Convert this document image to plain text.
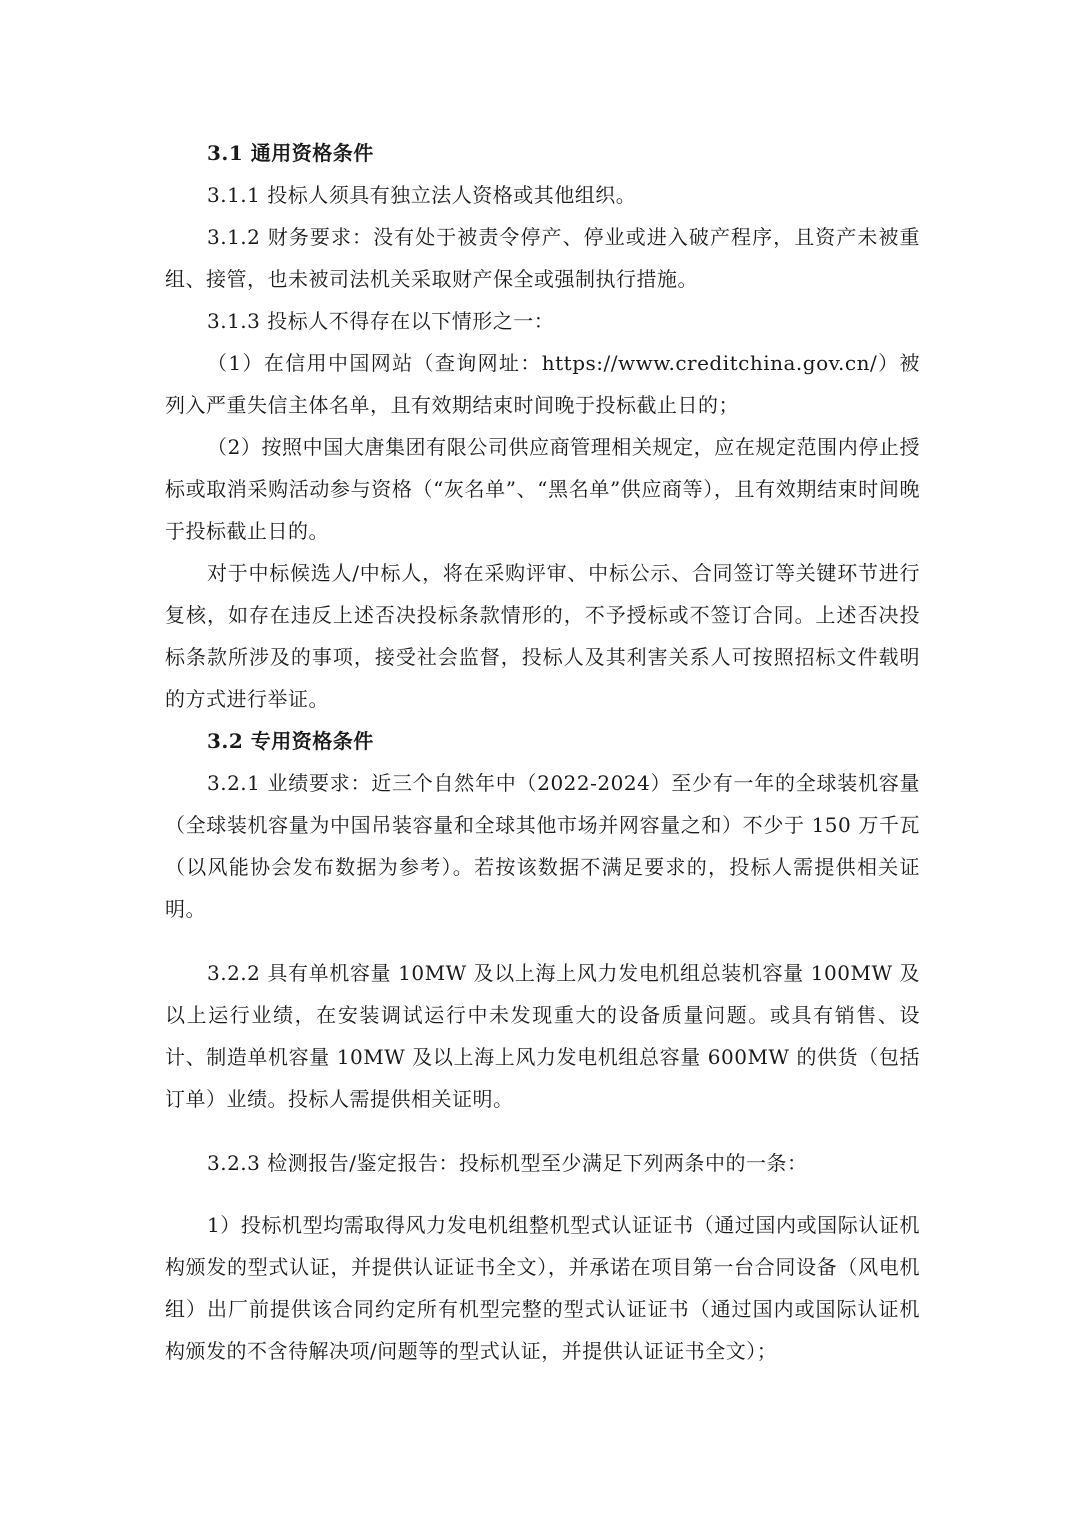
3.1 通用资格条件

3.1.1 投标人须具有独立法人资格或其他组织。

3.1.2 财务要求：没有处于被责令停产、停业或进入破产程序，且资产未被重组、接管，也未被司法机关采取财产保全或强制执行措施。

3.1.3 投标人不得存在以下情形之一：

（1）在信用中国网站（查询网址：https://www.creditchina.gov.cn/）被列入严重失信主体名单，且有效期结束时间晚于投标截止日的；

（2）按照中国大唐集团有限公司供应商管理相关规定，应在规定范围内停止授标或取消采购活动参与资格（“灰名单”、“黑名单”供应商等），且有效期结束时间晚于投标截止日的。

对于中标候选人/中标人，将在采购评审、中标公示、合同签订等关键环节进行复核，如存在违反上述否决投标条款情形的，不予授标或不签订合同。上述否决投标条款所涉及的事项，接受社会监督，投标人及其利害关系人可按照招标文件载明的方式进行举证。

3.2 专用资格条件

3.2.1 业绩要求：近三个自然年中（2022-2024）至少有一年的全球装机容量（全球装机容量为中国吊装容量和全球其他市场并网容量之和）不少于 150 万千瓦（以风能协会发布数据为参考）。若按该数据不满足要求的，投标人需提供相关证明。

3.2.2 具有单机容量 10MW 及以上海上风力发电机组总装机容量 100MW 及以上运行业绩，在安装调试运行中未发现重大的设备质量问题。或具有销售、设计、制造单机容量 10MW 及以上海上风力发电机组总容量 600MW 的供货（包括订单）业绩。投标人需提供相关证明。

3.2.3 检测报告/鉴定报告：投标机型至少满足下列两条中的一条：

1）投标机型均需取得风力发电机组整机型式认证证书（通过国内或国际认证机构颁发的型式认证，并提供认证证书全文），并承诺在项目第一台合同设备（风电机组）出厂前提供该合同约定所有机型完整的型式认证证书（通过国内或国际认证机构颁发的不含待解决项/问题等的型式认证，并提供认证证书全文）；
